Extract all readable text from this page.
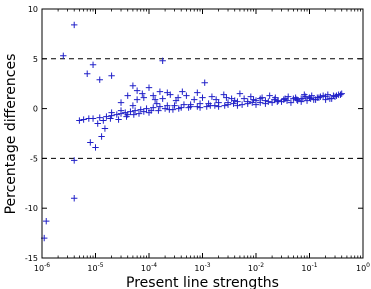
$10^{-6}$	$10^{-5}$	$10^{-4}$	$10^{-3}$	$10^{-2}$	$10^{-1}$	$10^0$
10
5
0
-5
-10
-15
Present line strengths
Percentage differences
